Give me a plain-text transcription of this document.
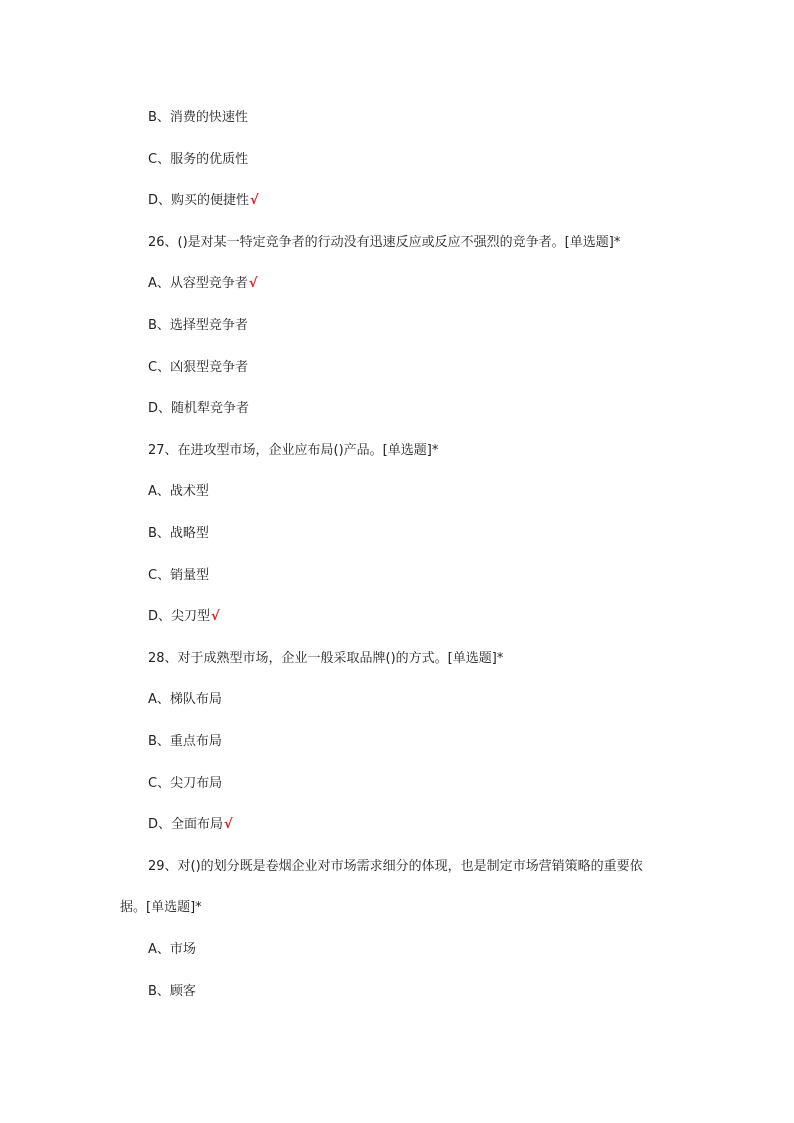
B、消费的快速性
C、服务的优质性
D、购买的便捷性√
26、()是对某一特定竞争者的行动没有迅速反应或反应不强烈的竞争者。[单选题]*
A、从容型竞争者√
B、选择型竞争者
C、凶狠型竞争者
D、随机犁竞争者
27、在进攻型市场，企业应布局()产品。[单选题]*
A、战术型
B、战略型
C、销量型
D、尖刀型√
28、对于成熟型市场，企业一般采取品牌()的方式。[单选题]*
A、梯队布局
B、重点布局
C、尖刀布局
D、全面布局√
29、对()的划分既是卷烟企业对市场需求细分的体现，也是制定市场营销策略的重要依
据。[单选题]*
A、市场
B、顾客
